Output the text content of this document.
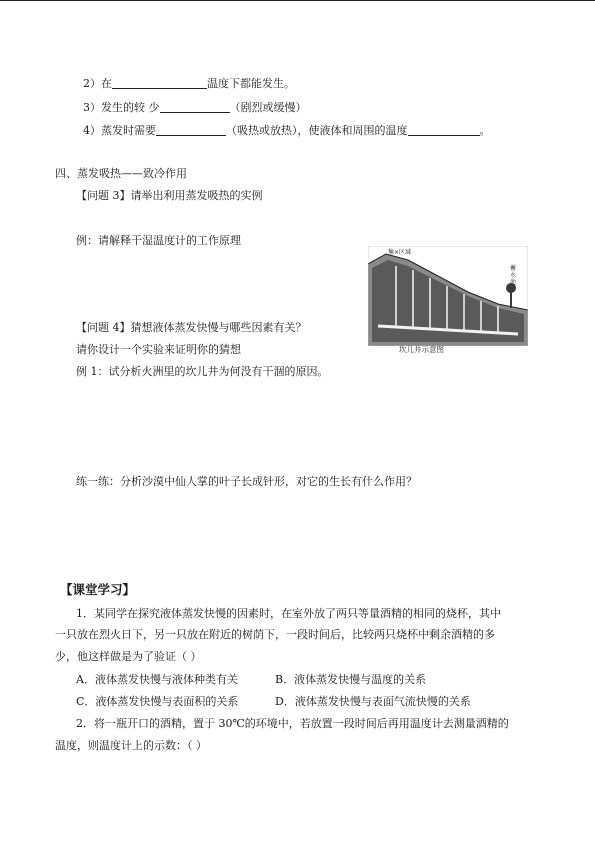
2）在	温度下都能发生。
3）发生的较 少	（剧烈或缓慢）
4）蒸发时需要	（吸热或放热），使液体和周围的温度	。
四、蒸发吸热——致冷作用
【问题 3】请举出利用蒸发吸热的实例
例：请解释干湿温度计的工作原理
【问题 4】猜想液体蒸发快慢与哪些因素有关？
请你设计一个实验来证明你的猜想
例 1：试分析火洲里的坎儿井为何没有干涸的原因。
练一练：分析沙漠中仙人掌的叶子长成针形，对它的生长有什么作用？
集×区域
蓄水池
坎儿井示意图
【课堂学习】
1．某同学在探究液体蒸发快慢的因素时，在室外放了两只等量酒精的相同的烧杯，其中
一只放在烈火日下，另一只放在附近的树荫下，一段时间后，比较两只烧杯中剩余酒精的多
少，他这样做是为了验证（ ）
A．液体蒸发快慢与液体种类有关	B．液体蒸发快慢与温度的关系
C．液体蒸发快慢与表面积的关系	D．液体蒸发快慢与表面气流快慢的关系
2．将一瓶开口的酒精，置于 30℃的环境中，若放置一段时间后再用温度计去测量酒精的
温度，则温度计上的示数：（ ）
